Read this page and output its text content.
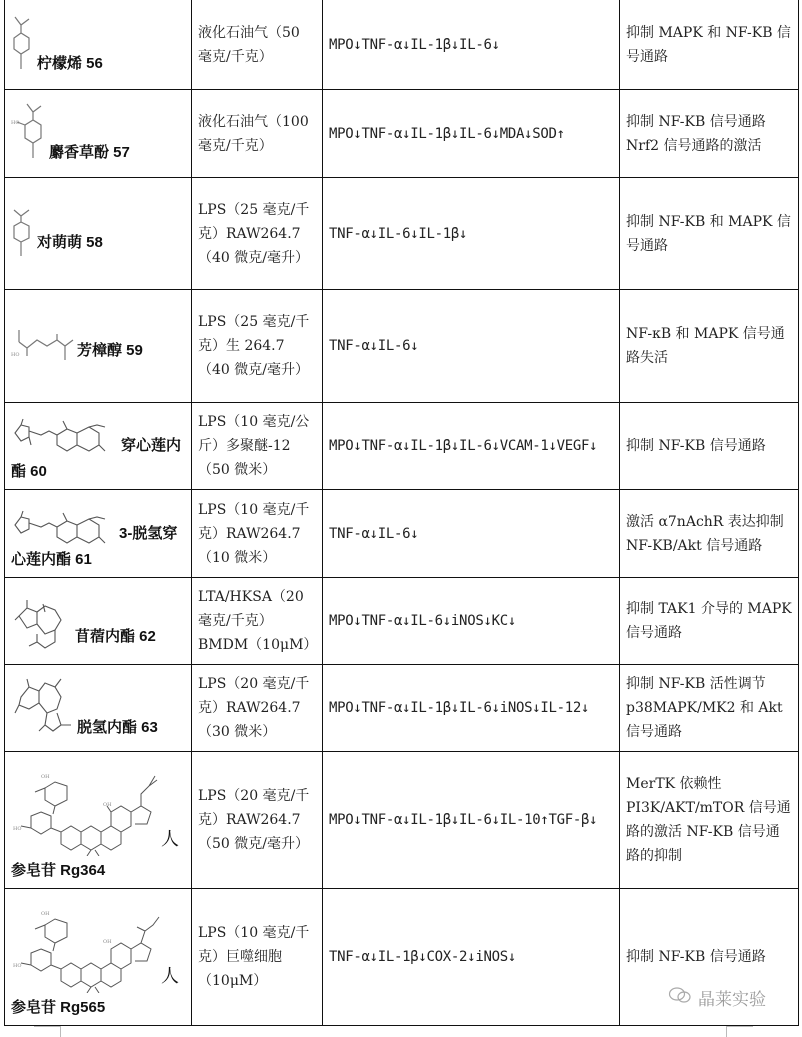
柠檬烯 56	液化石油气（50 毫克/千克）	MPO↓TNF-α↓IL-1β↓IL-6↓	抑制 MAPK 和 NF-ΚB 信号通路

HO
麝香草酚 57	液化石油气（100 毫克/千克）	MPO↓TNF-α↓IL-1β↓IL-6↓MDA↓SOD↑	抑制 NF-ΚB 信号通路 Nrf2 信号通路的激活

对萌萌 58	LPS（25 毫克/千克）RAW264.7（40 微克/毫升）	TNF-α↓IL-6↓IL-1β↓	抑制 NF-ΚB 和 MAPK 信号通路

HO 芳樟醇 59	LPS（25 毫克/千克）生 264.7（40 微克/毫升）	TNF-α↓IL-6↓	NF-κB 和 MAPK 信号通路失活

穿心莲内
酯 60	LPS（10 毫克/公斤）多聚醚-12（50 微米）	MPO↓TNF-α↓IL-1β↓IL-6↓VCAM-1↓VEGF↓	抑制 NF-ΚB 信号通路

3-脱氢穿
心莲内酯 61	LPS（10 毫克/千克）RAW264.7（10 微米）	TNF-α↓IL-6↓	激活 α7nAchR 表达抑制 NF-ΚB/Akt 信号通路

苜蓿内酯 62	LTA/HKSA（20 毫克/千克）BMDM（10μM）	MPO↓TNF-α↓IL-6↓iNOS↓KC↓	抑制 TAK1 介导的 MAPK 信号通路

脱氢内酯 63	LPS（20 毫克/千克）RAW264.7（30 微米）	MPO↓TNF-α↓IL-1β↓IL-6↓iNOS↓IL-12↓	抑制 NF-ΚB 活性调节 p38MAPK/MK2 和 Akt 信号通路

OH
OH
HO 人
参皂苷 Rg364	LPS（20 毫克/千克）RAW264.7（50 微克/毫升）	MPO↓TNF-α↓IL-1β↓IL-6↓IL-10↑TGF-β↓	MerTK 依赖性 PI3K/AKT/mTOR 信号通路的激活 NF-ΚB 信号通路的抑制

OH
OH
HO 人
参皂苷 Rg565	LPS（10 毫克/千克）巨噬细胞（10μM）	TNF-α↓IL-1β↓COX-2↓iNOS↓	抑制 NF-ΚB 信号通路
晶莱实验
